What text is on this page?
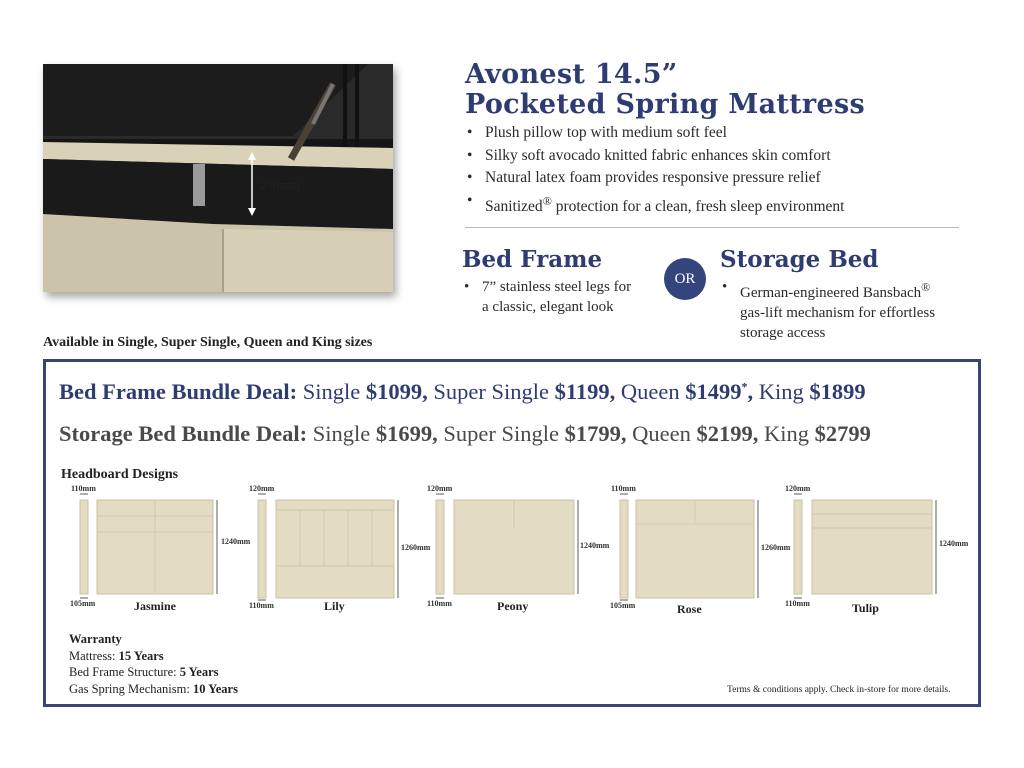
290mm
Avonest 14.5”
Pocketed Spring Mattress
• Plush pillow top with medium soft feel
• Silky soft avocado knitted fabric enhances skin comfort
• Natural latex foam provides responsive pressure relief
• Sanitized® protection for a clean, fresh sleep environment
Bed Frame
• 7” stainless steel legs for
a classic, elegant look
OR
Storage Bed
• German-engineered Bansbach®
gas-lift mechanism for effortless
storage access
Available in Single, Super Single, Queen and King sizes
Bed Frame Bundle Deal: Single $1099, Super Single $1199, Queen $1499*, King $1899
Storage Bed Bundle Deal: Single $1699, Super Single $1799, Queen $2199, King $2799
Headboard Designs
110mm
105mm
1240mm
Jasmine
120mm
110mm
1260mm
Lily
120mm
110mm
1240mm
Peony
110mm
105mm
1260mm
Rose
120mm
110mm
1240mm
Tulip
Warranty
Mattress: 15 Years
Bed Frame Structure: 5 Years
Gas Spring Mechanism: 10 Years	Terms & conditions apply. Check in-store for more details.
